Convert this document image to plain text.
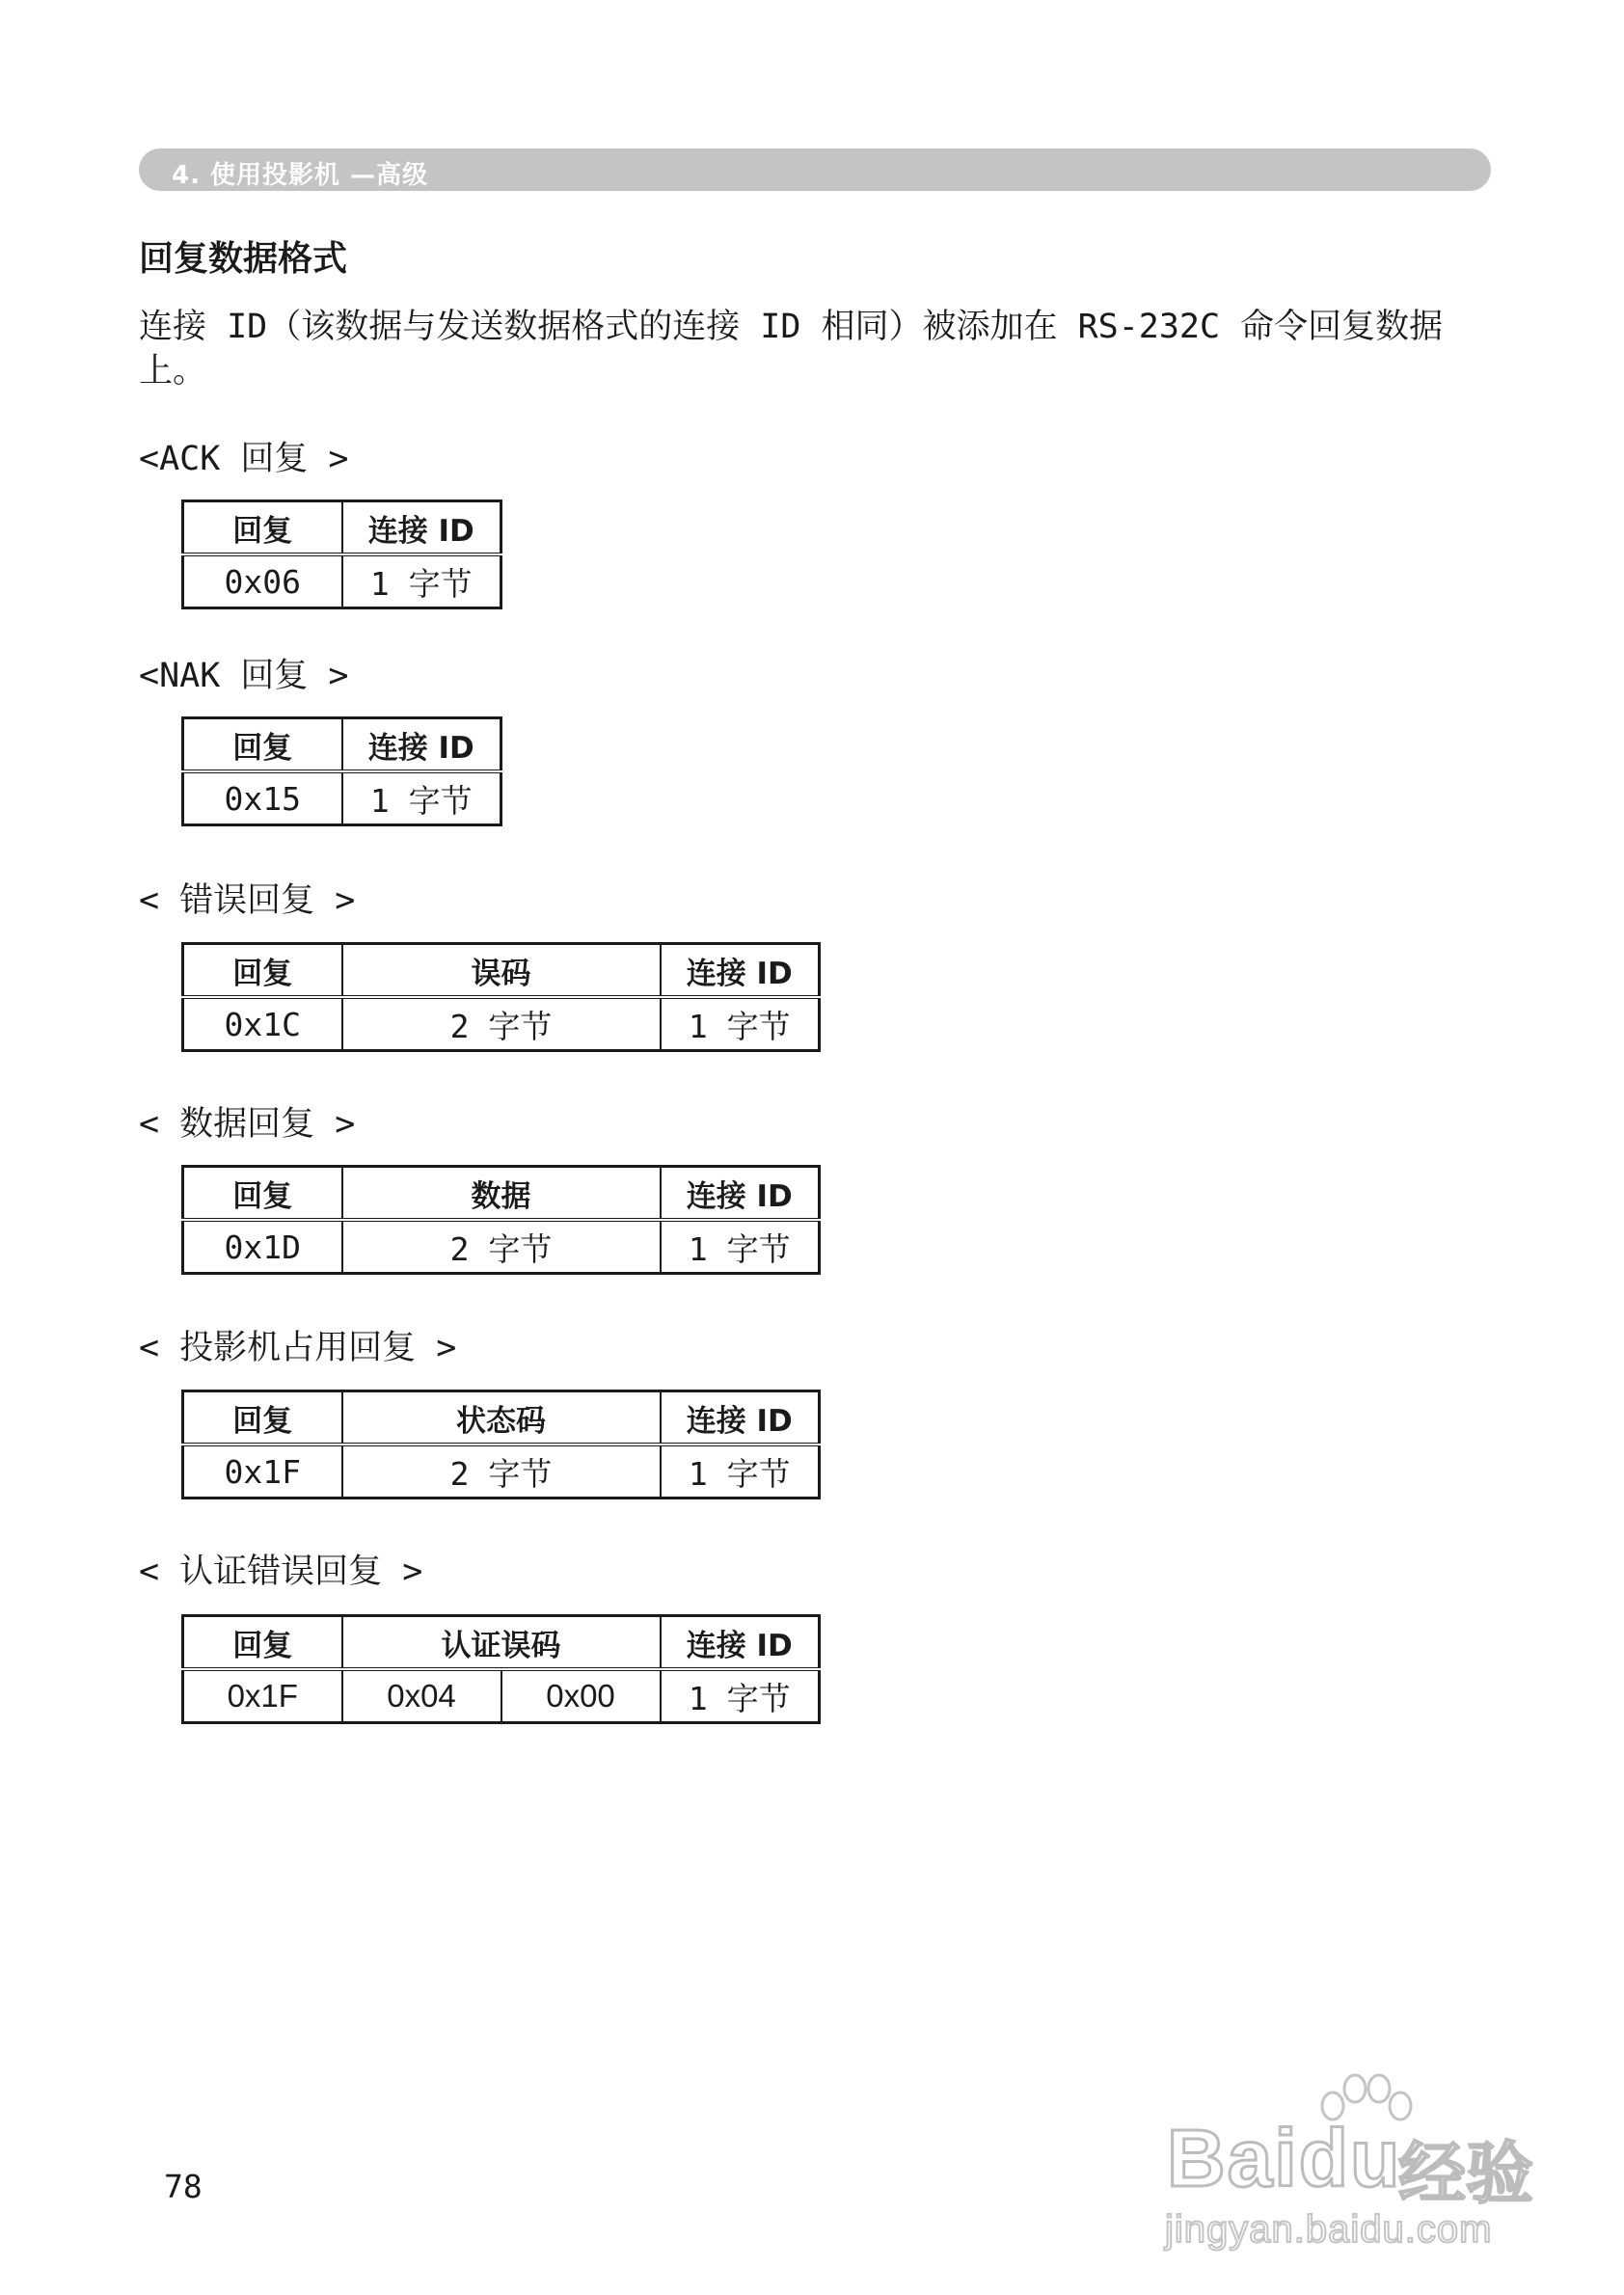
4. 使用投影机 —高级
回复数据格式
连接 ID（该数据与发送数据格式的连接 ID 相同）被添加在 RS-232C 命令回复数据上。
<ACK 回复 >
回复	连接 ID
0x06	1 字节
<NAK 回复 >
回复	连接 ID
0x15	1 字节
< 错误回复 >
回复	误码	连接 ID
0x1C	2 字节	1 字节
< 数据回复 >
回复	数据	连接 ID
0x1D	2 字节	1 字节
< 投影机占用回复 >
回复	状态码	连接 ID
0x1F	2 字节	1 字节
< 认证错误回复 >
回复	认证误码		连接 ID
0x1F	0x04	0x00	1 字节
78	Baidu
经验
jingyan.baidu.com
